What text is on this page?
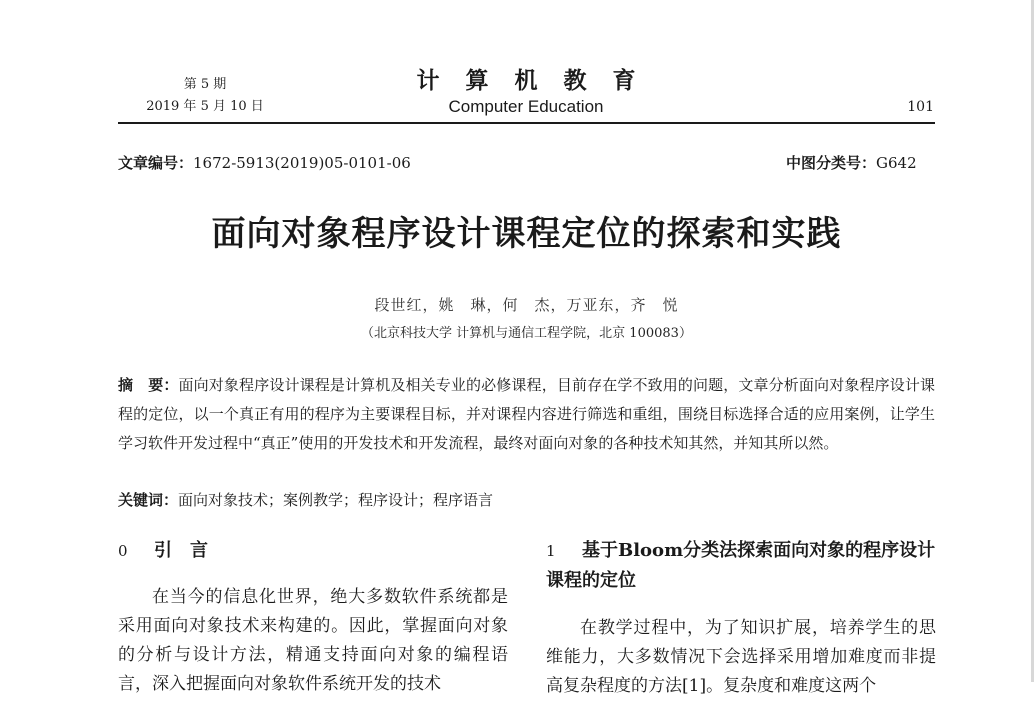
第 5 期
2019 年 5 月 10 日
计 算 机 教 育
Computer Education	101
文章编号：1672-5913(2019)05-0101-06	中图分类号：G642
面向对象程序设计课程定位的探索和实践
段世红，姚　琳，何　杰，万亚东，齐　悦
（北京科技大学 计算机与通信工程学院，北京 100083）
摘　要：面向对象程序设计课程是计算机及相关专业的必修课程，目前存在学不致用的问题，文章分析面向对象程序设计课程的定位，以一个真正有用的程序为主要课程目标，并对课程内容进行筛选和重组，围绕目标选择合适的应用案例，让学生学习软件开发过程中“真正”使用的开发技术和开发流程，最终对面向对象的各种技术知其然，并知其所以然。
关键词：面向对象技术；案例教学；程序设计；程序语言
0 引言

在当今的信息化世界，绝大多数软件系统都是采用面向对象技术来构建的。因此，掌握面向对象的分析与设计方法，精通支持面向对象的编程语言，深入把握面向对象软件系统开发的技术

1 基于Bloom分类法探索面向对象的程序设计课程的定位

在教学过程中，为了知识扩展，培养学生的思维能力，大多数情况下会选择采用增加难度而非提高复杂程度的方法[1]。复杂度和难度这两个
